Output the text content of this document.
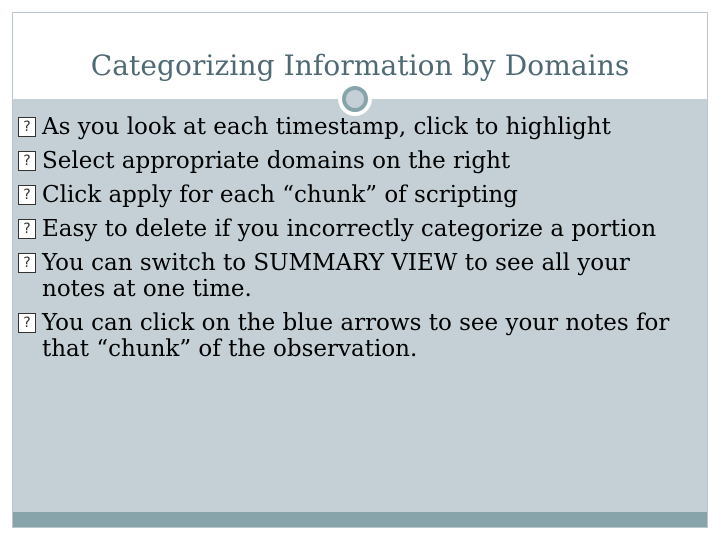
Categorizing Information by Domains
?
As you look at each timestamp, click to highlight
?
Select appropriate domains on the right
?
Click apply for each “chunk” of scripting
?
Easy to delete if you incorrectly categorize a portion
?
You can switch to SUMMARY VIEW to see all your notes at one time.
?
You can click on the blue arrows to see your notes for that “chunk” of the observation.
